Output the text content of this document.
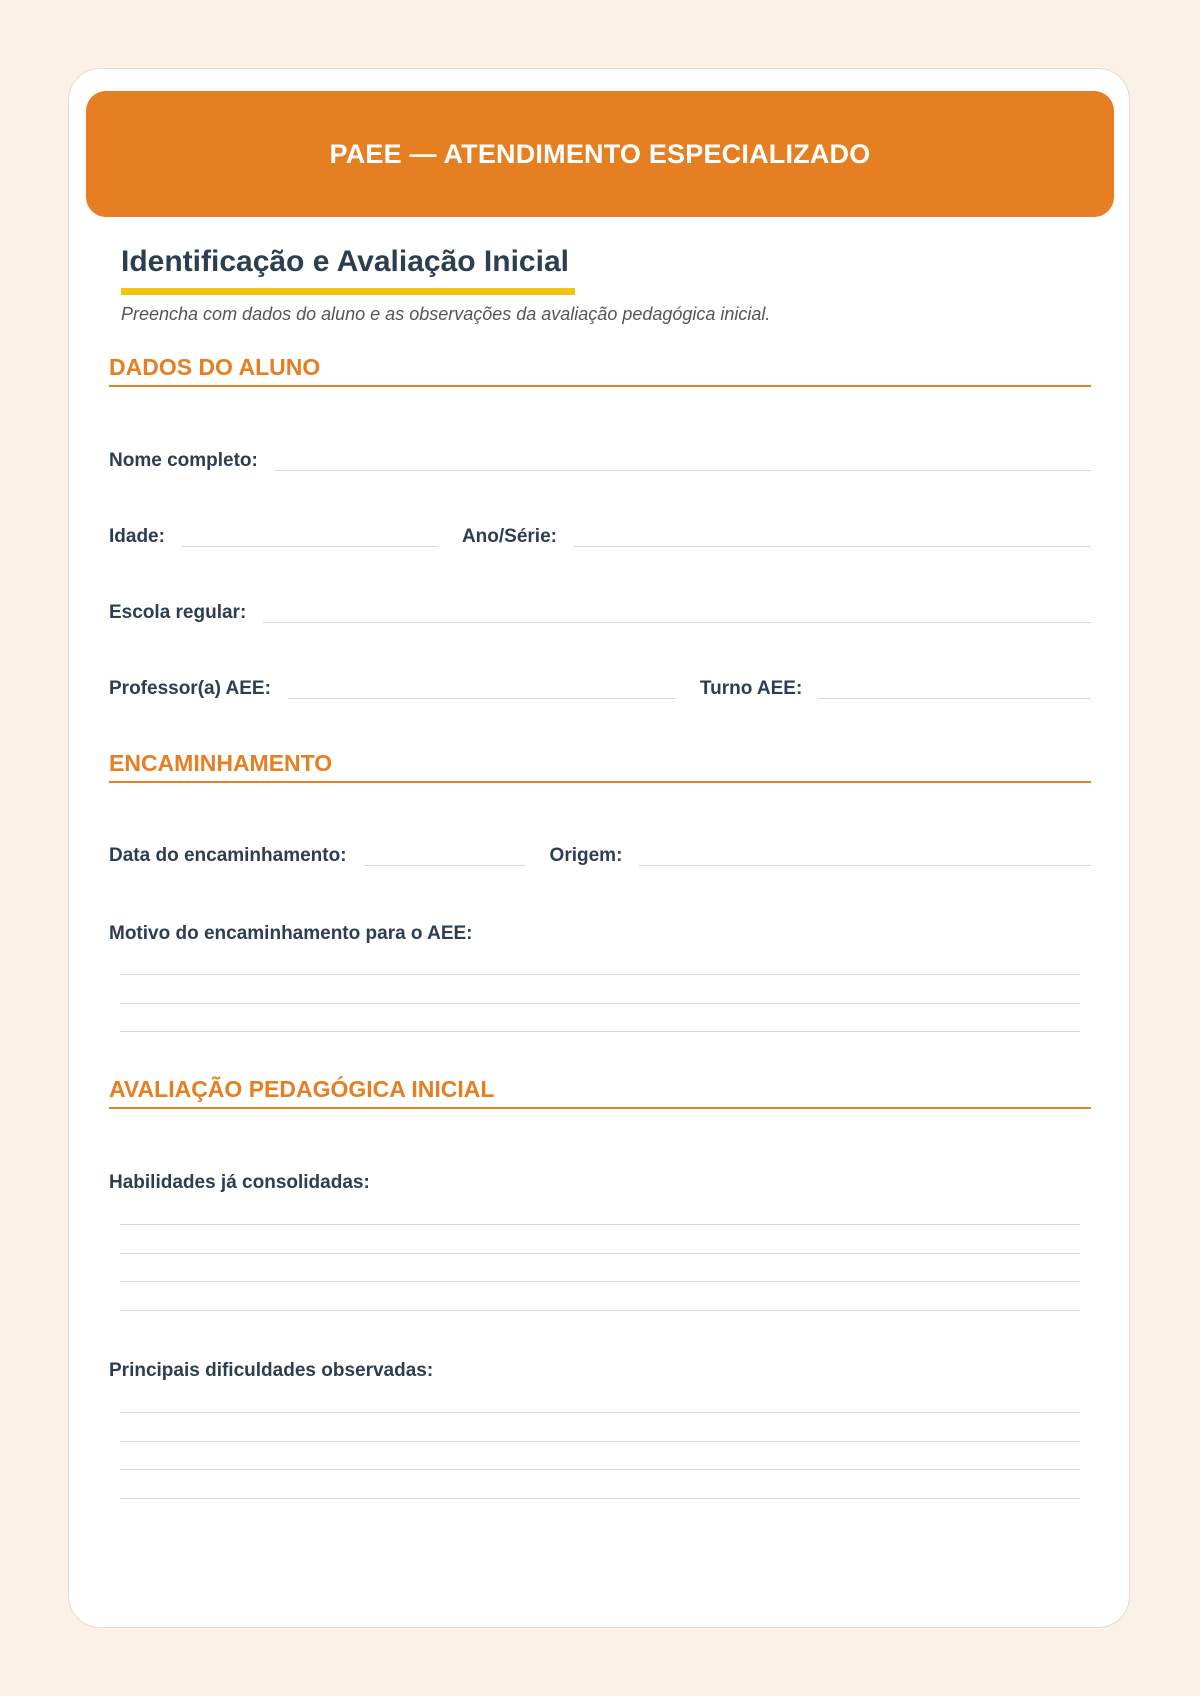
PAEE — ATENDIMENTO ESPECIALIZADO
Identificação e Avaliação Inicial
Preencha com dados do aluno e as observações da avaliação pedagógica inicial.
DADOS DO ALUNO
Nome completo:
Idade:	Ano/Série:
Escola regular:
Professor(a) AEE:	Turno AEE:
ENCAMINHAMENTO
Data do encaminhamento:	Origem:
Motivo do encaminhamento para o AEE:
AVALIAÇÃO PEDAGÓGICA INICIAL
Habilidades já consolidadas:
Principais dificuldades observadas:
